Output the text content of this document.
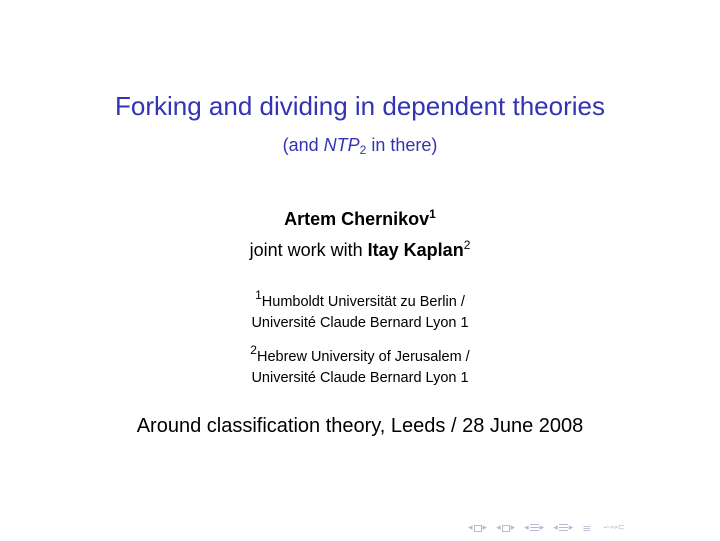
Forking and dividing in dependent theories
(and $NTP_2$ in there)
Artem Chernikov$^1$
joint work with Itay Kaplan$^2$
$^1$Humboldt Universität zu Berlin /
Université Claude Bernard Lyon 1
$^2$Hebrew University of Jerusalem /
Université Claude Bernard Lyon 1
Around classification theory, Leeds / 28 June 2008
◂ ▸ ◂ ▸ ◂ ▸ ◂ ▸ ≡ ∽∾⊂
